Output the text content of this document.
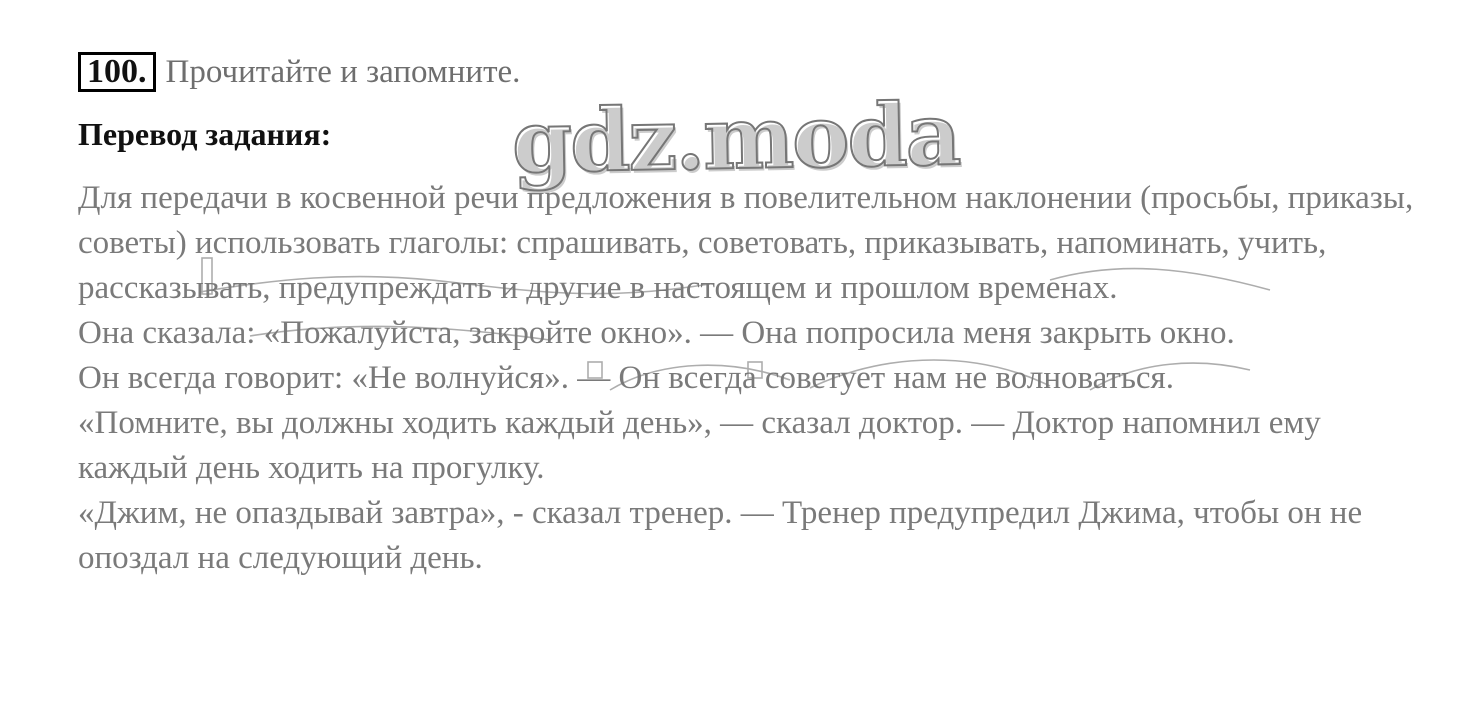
100 . Прочитайте и запомните.
Перевод задания: gdz.moda

Для передачи в косвенной речи предложения в повелительном наклонении (просьбы, приказы, советы) использовать глаголы: спрашивать, советовать, приказывать, напоминать, учить, рассказывать, предупреждать и другие в настоящем и прошлом временах.

Она сказала: «Пожалуйста, закройте окно». — Она попросила меня закрыть окно.

Он всегда говорит: «Не волнуйся». — Он всегда советует нам не волноваться.

«Помните, вы должны ходить каждый день», — сказал доктор. — Доктор напомнил ему каждый день ходить на прогулку.

«Джим, не опаздывай завтра», - сказал тренер. — Тренер предупредил Джима, чтобы он не опоздал на следующий день.
